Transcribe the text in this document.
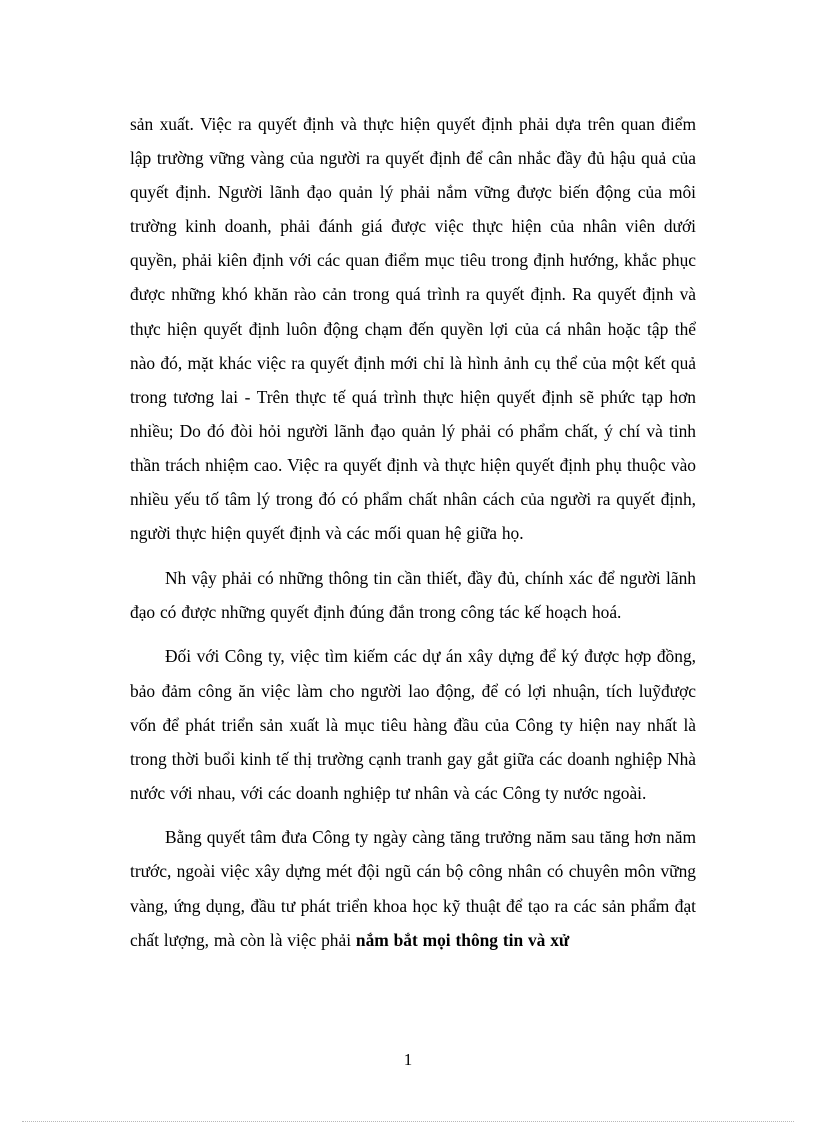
sản xuất. Việc ra quyết định và thực hiện quyết định phải dựa trên quan điểm lập trường vững vàng của người ra quyết định để cân nhắc đầy đủ hậu quả của quyết định. Người lãnh đạo quản lý phải nắm vững được biến động của môi trường kinh doanh, phải đánh giá được việc thực hiện của nhân viên dưới quyền, phải kiên định với các quan điểm mục tiêu trong định hướng, khắc phục được những khó khăn rào cản trong quá trình ra quyết định. Ra quyết định và thực hiện quyết định luôn động chạm đến quyền lợi của cá nhân hoặc tập thể nào đó, mặt khác việc ra quyết định mới chỉ là hình ảnh cụ thể của một kết quả trong tương lai - Trên thực tế quá trình thực hiện quyết định sẽ phức tạp hơn nhiều; Do đó đòi hỏi người lãnh đạo quản lý phải có phẩm chất, ý chí và tinh thần trách nhiệm cao. Việc ra quyết định và thực hiện quyết định phụ thuộc vào nhiều yếu tố tâm lý trong đó có phẩm chất nhân cách của người ra quyết định, người thực hiện quyết định và các mối quan hệ giữa họ.

Nh vậy phải có những thông tin cần thiết, đầy đủ, chính xác để người lãnh đạo có được những quyết định đúng đắn trong công tác kế hoạch hoá.

Đối với Công ty, việc tìm kiếm các dự án xây dựng để ký được hợp đồng, bảo đảm công ăn việc làm cho người lao động, để có lợi nhuận, tích luỹđược vốn để phát triển sản xuất là mục tiêu hàng đầu của Công ty hiện nay nhất là trong thời buổi kinh tế thị trường cạnh tranh gay gắt giữa các doanh nghiệp Nhà nước với nhau, với các doanh nghiệp tư nhân và các Công ty nước ngoài.

Bằng quyết tâm đưa Công ty ngày càng tăng trưởng năm sau tăng hơn năm trước, ngoài việc xây dựng mét đội ngũ cán bộ công nhân có chuyên môn vững vàng, ứng dụng, đầu tư phát triển khoa học kỹ thuật để tạo ra các sản phẩm đạt chất lượng, mà còn là việc phải nắm bắt mọi thông tin và xử

1
